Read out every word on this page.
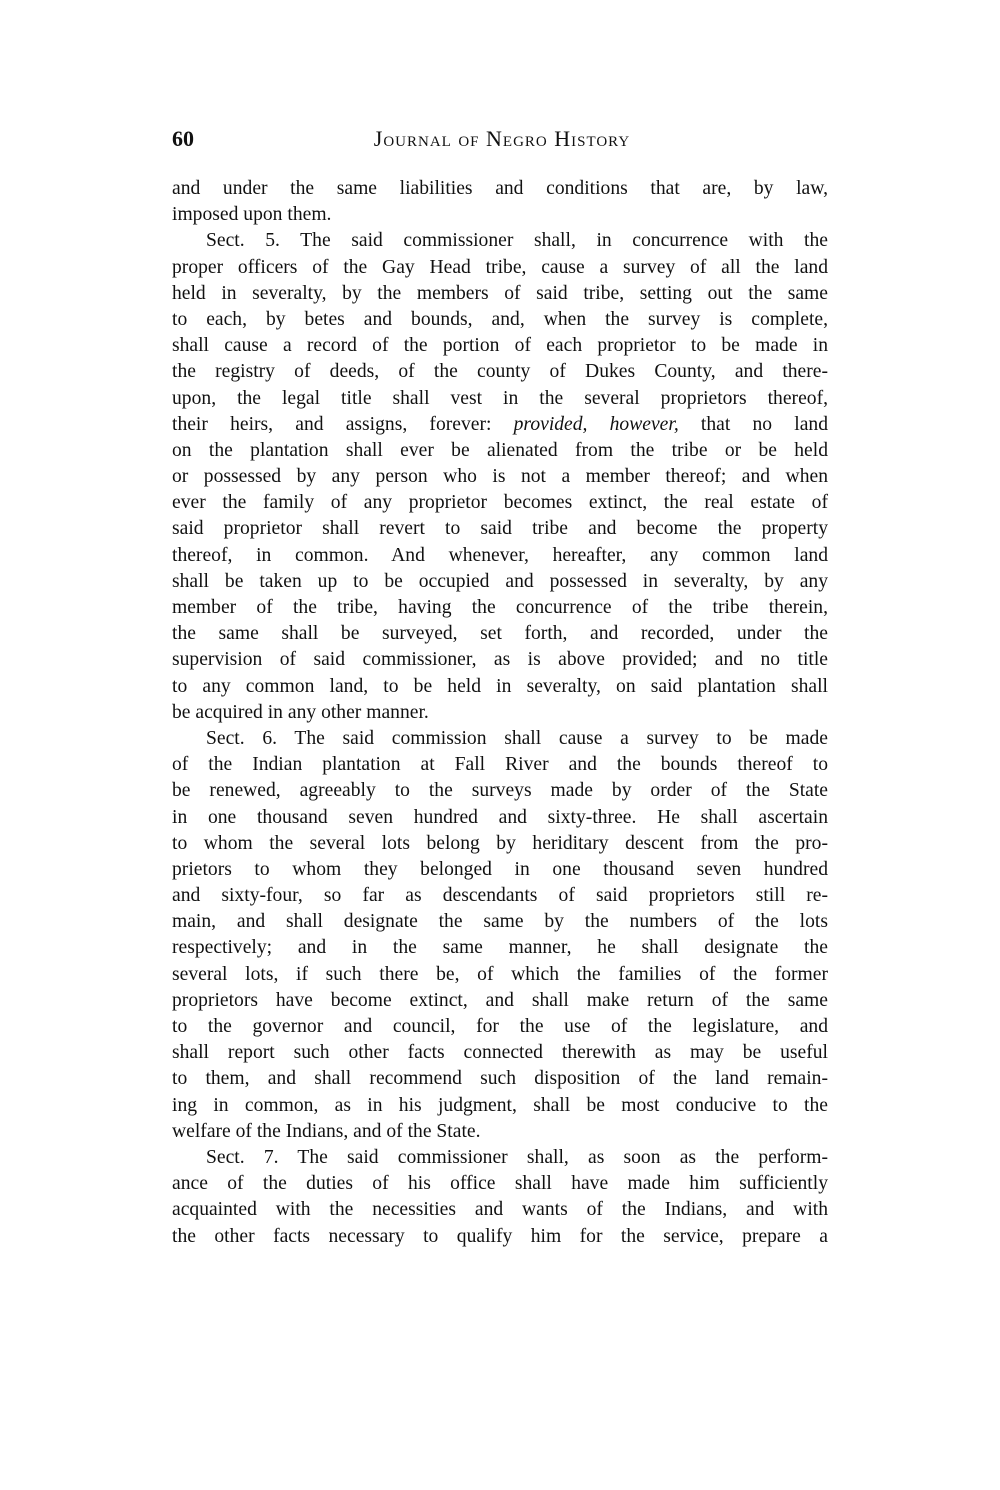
60	Journal of Negro History
and under the same liabilities and conditions that are, by law,
imposed upon them.
Sect. 5. The said commissioner shall, in concurrence with the
proper officers of the Gay Head tribe, cause a survey of all the land
held in severalty, by the members of said tribe, setting out the same
to each, by betes and bounds, and, when the survey is complete,
shall cause a record of the portion of each proprietor to be made in
the registry of deeds, of the county of Dukes County, and there-
upon, the legal title shall vest in the several proprietors thereof,
their heirs, and assigns, forever: provided, however, that no land
on the plantation shall ever be alienated from the tribe or be held
or possessed by any person who is not a member thereof; and when
ever the family of any proprietor becomes extinct, the real estate of
said proprietor shall revert to said tribe and become the property
thereof, in common. And whenever, hereafter, any common land
shall be taken up to be occupied and possessed in severalty, by any
member of the tribe, having the concurrence of the tribe therein,
the same shall be surveyed, set forth, and recorded, under the
supervision of said commissioner, as is above provided; and no title
to any common land, to be held in severalty, on said plantation shall
be acquired in any other manner.
Sect. 6. The said commission shall cause a survey to be made
of the Indian plantation at Fall River and the bounds thereof to
be renewed, agreeably to the surveys made by order of the State
in one thousand seven hundred and sixty-three. He shall ascertain
to whom the several lots belong by heriditary descent from the pro-
prietors to whom they belonged in one thousand seven hundred
and sixty-four, so far as descendants of said proprietors still re-
main, and shall designate the same by the numbers of the lots
respectively; and in the same manner, he shall designate the
several lots, if such there be, of which the families of the former
proprietors have become extinct, and shall make return of the same
to the governor and council, for the use of the legislature, and
shall report such other facts connected therewith as may be useful
to them, and shall recommend such disposition of the land remain-
ing in common, as in his judgment, shall be most conducive to the
welfare of the Indians, and of the State.
Sect. 7. The said commissioner shall, as soon as the perform-
ance of the duties of his office shall have made him sufficiently
acquainted with the necessities and wants of the Indians, and with
the other facts necessary to qualify him for the service, prepare a
